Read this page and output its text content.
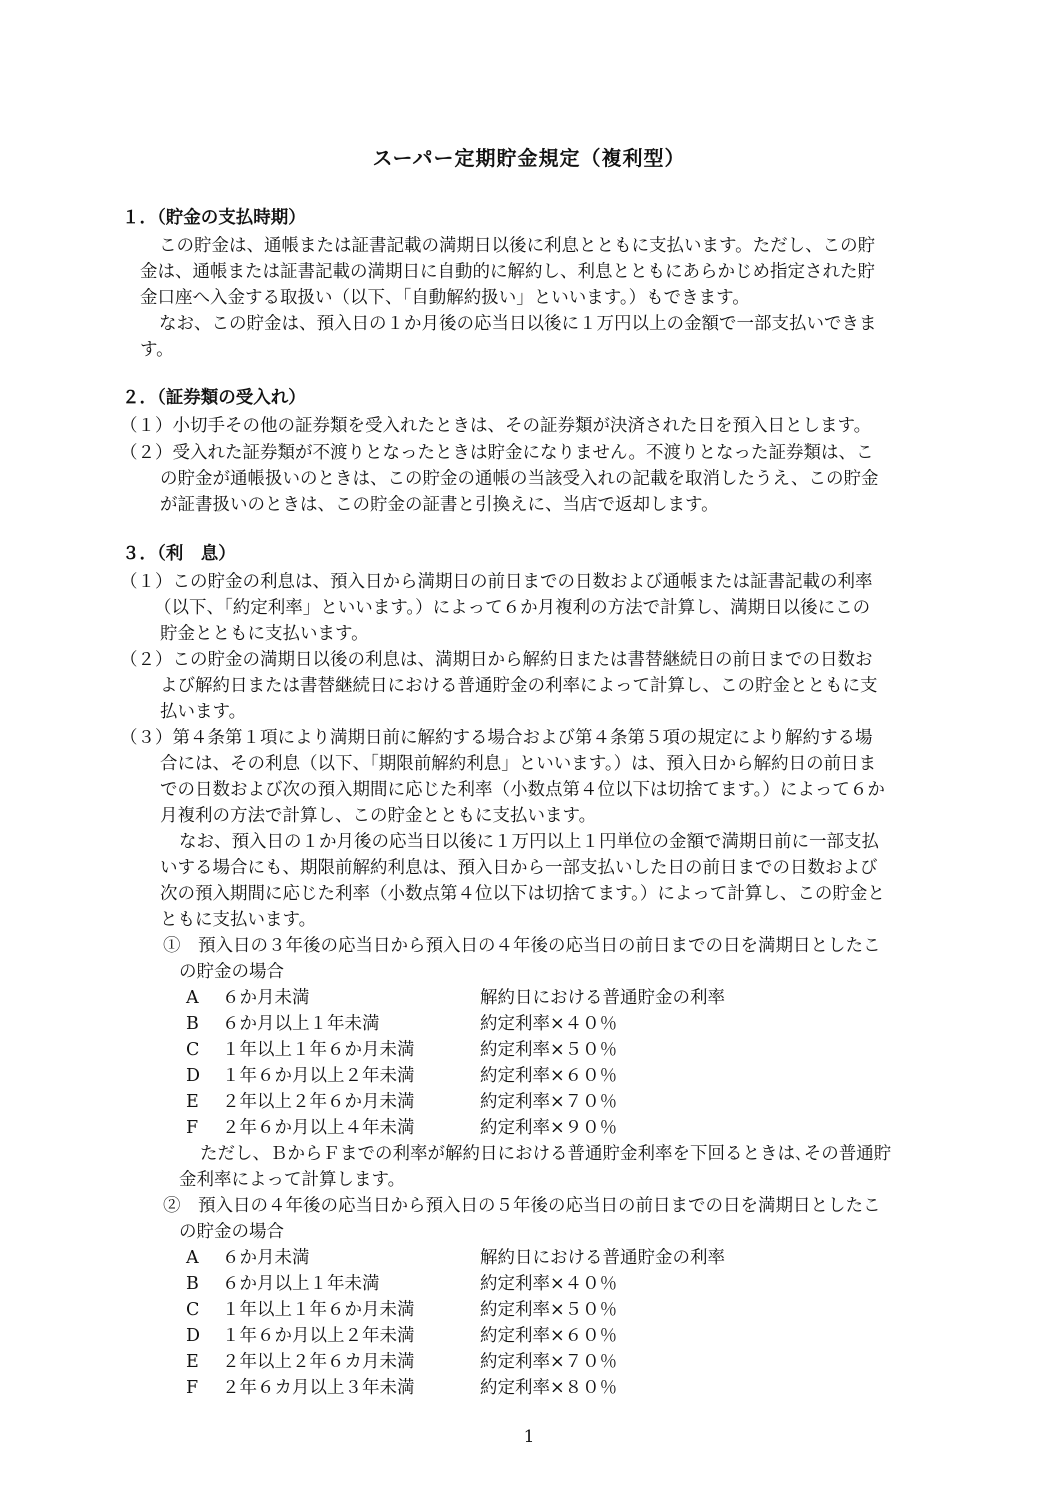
スーパー定期貯金規定（複利型）
１．（貯金の支払時期）
この貯金は、通帳または証書記載の満期日以後に利息とともに支払います。ただし、この貯
金は、通帳または証書記載の満期日に自動的に解約し、利息とともにあらかじめ指定された貯
金口座へ入金する取扱い（以下、「自動解約扱い」といいます。）もできます。
なお、この貯金は、預入日の１か月後の応当日以後に１万円以上の金額で一部支払いできま
す。
２．（証券類の受入れ）
（１）小切手その他の証券類を受入れたときは、その証券類が決済された日を預入日とします。
（２）受入れた証券類が不渡りとなったときは貯金になりません。不渡りとなった証券類は、こ
の貯金が通帳扱いのときは、この貯金の通帳の当該受入れの記載を取消したうえ、この貯金
が証書扱いのときは、この貯金の証書と引換えに、当店で返却します。
３．（利　息）
（１）この貯金の利息は、預入日から満期日の前日までの日数および通帳または証書記載の利率
（以下、「約定利率」といいます。）によって６か月複利の方法で計算し、満期日以後にこの
貯金とともに支払います。
（２）この貯金の満期日以後の利息は、満期日から解約日または書替継続日の前日までの日数お
よび解約日または書替継続日における普通貯金の利率によって計算し、この貯金とともに支
払います。
（３）第４条第１項により満期日前に解約する場合および第４条第５項の規定により解約する場
合には、その利息（以下、「期限前解約利息」といいます。）は、預入日から解約日の前日ま
での日数および次の預入期間に応じた利率（小数点第４位以下は切捨てます。）によって６か
月複利の方法で計算し、この貯金とともに支払います。
なお、預入日の１か月後の応当日以後に１万円以上１円単位の金額で満期日前に一部支払
いする場合にも、期限前解約利息は、預入日から一部支払いした日の前日までの日数および
次の預入期間に応じた利率（小数点第４位以下は切捨てます。）によって計算し、この貯金と
ともに支払います。
①　預入日の３年後の応当日から預入日の４年後の応当日の前日までの日を満期日としたこ
の貯金の場合
A ６か月未満	解約日における普通貯金の利率
B ６か月以上１年未満	約定利率×４０％
C １年以上１年６か月未満	約定利率×５０％
D １年６か月以上２年未満	約定利率×６０％
E ２年以上２年６か月未満	約定利率×７０％
F ２年６か月以上４年未満	約定利率×９０％
ただし、ＢからＦまでの利率が解約日における普通貯金利率を下回るときは､その普通貯
金利率によって計算します。
②　預入日の４年後の応当日から預入日の５年後の応当日の前日までの日を満期日としたこ
の貯金の場合
A ６か月未満	解約日における普通貯金の利率
B ６か月以上１年未満	約定利率×４０％
C １年以上１年６か月未満	約定利率×５０％
D １年６か月以上２年未満	約定利率×６０％
E ２年以上２年６カ月未満	約定利率×７０％
F ２年６カ月以上３年未満	約定利率×８０％
1
